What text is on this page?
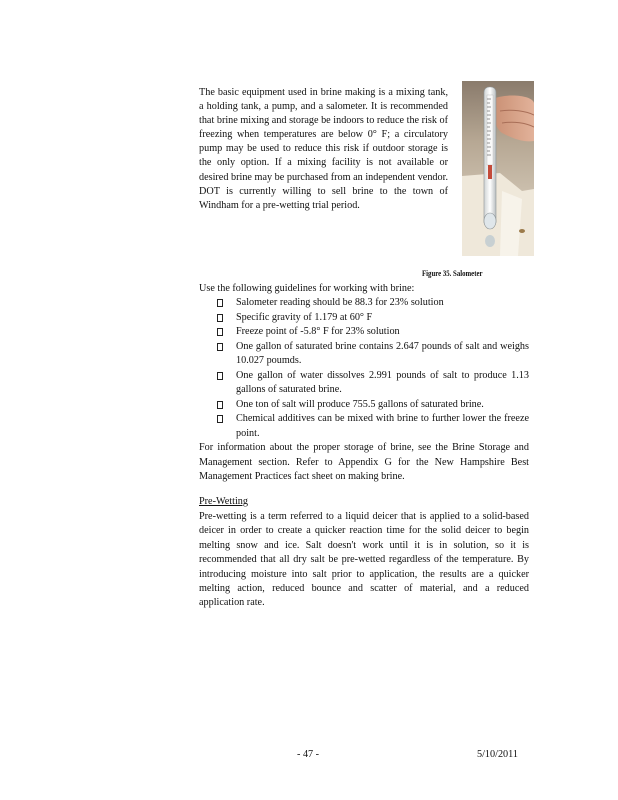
The basic equipment used in brine making is a mixing tank, a holding tank, a pump, and a salometer. It is recommended that brine mixing and storage be indoors to reduce the risk of freezing when temperatures are below 0° F; a circulatory pump may be used to reduce this risk if outdoor storage is the only option. If a mixing facility is not available or desired brine may be purchased from an independent vendor. DOT is currently willing to sell brine to the town of Windham for a pre-wetting trial period.

Figure 35. Salometer

Use the following guidelines for working with brine:

Salometer reading should be 88.3 for 23% solution
Specific gravity of 1.179 at 60° F
Freeze point of -5.8° F for 23% solution
One gallon of saturated brine contains 2.647 pounds of salt and weighs 10.027 poumds.
One gallon of water dissolves 2.991 pounds of salt to produce 1.13 gallons of saturated brine.
One ton of salt will produce 755.5 gallons of saturated brine.
Chemical additives can be mixed with brine to further lower the freeze point.

For information about the proper storage of brine, see the Brine Storage and Management section. Refer to Appendix G for the New Hampshire Best Management Practices fact sheet on making brine.

Pre-Wetting

Pre-wetting is a term referred to a liquid deicer that is applied to a solid-based deicer in order to create a quicker reaction time for the solid deicer to begin melting snow and ice. Salt doesn't work until it is in solution, so it is recommended that all dry salt be pre-wetted regardless of the temperature. By introducing moisture into salt prior to application, the results are a quicker melting action, reduced bounce and scatter of material, and a reduced application rate.

- 47 -	5/10/2011
